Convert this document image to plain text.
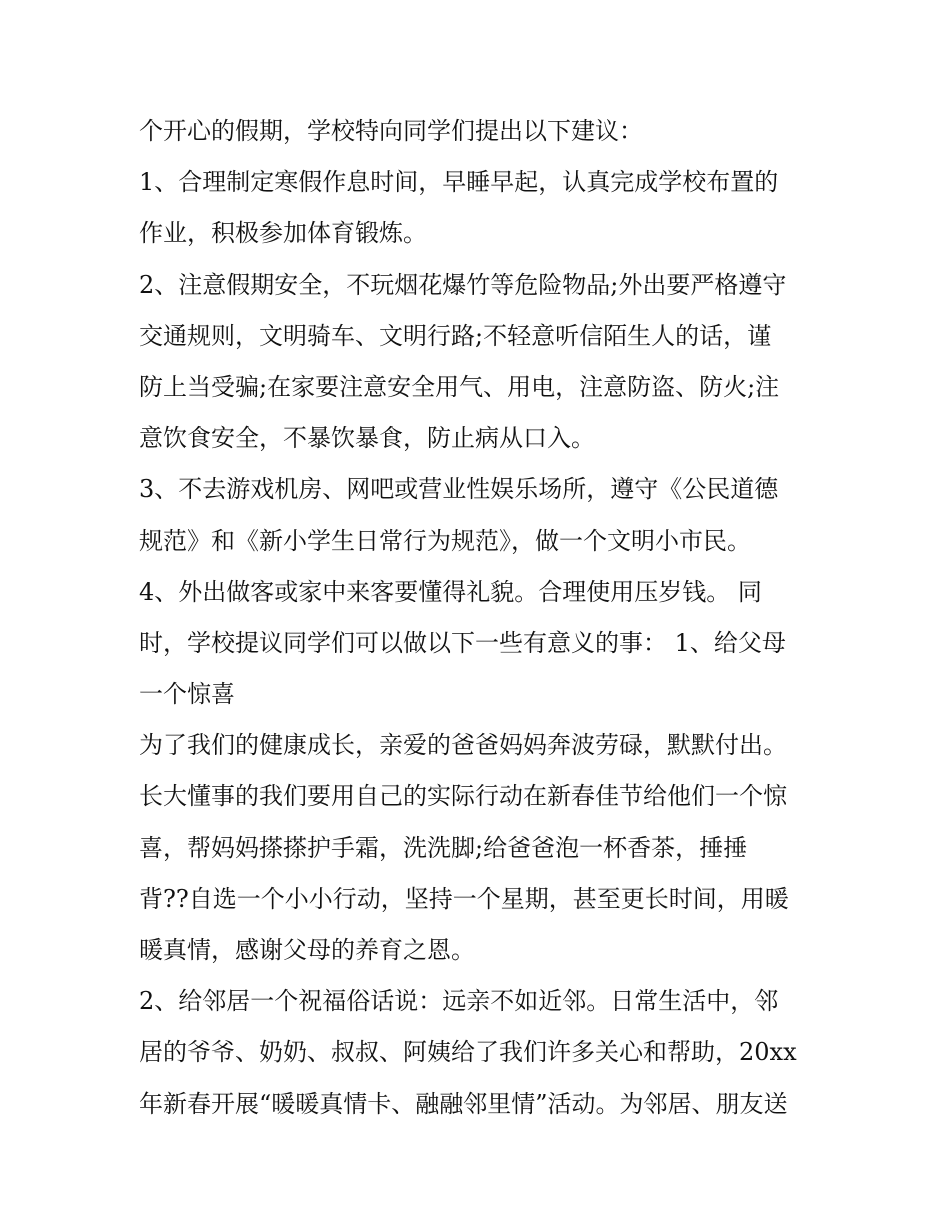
个开心的假期，学校特向同学们提出以下建议：
1、合理制定寒假作息时间，早睡早起，认真完成学校布置的
作业，积极参加体育锻炼。
2、注意假期安全，不玩烟花爆竹等危险物品;外出要严格遵守
交通规则，文明骑车、文明行路;不轻意听信陌生人的话，谨
防上当受骗;在家要注意安全用气、用电，注意防盗、防火;注
意饮食安全，不暴饮暴食，防止病从口入。
3、不去游戏机房、网吧或营业性娱乐场所，遵守《公民道德
规范》和《新小学生日常行为规范》，做一个文明小市民。
4、外出做客或家中来客要懂得礼貌。合理使用压岁钱。 同
时，学校提议同学们可以做以下一些有意义的事： 1、给父母
一个惊喜
为了我们的健康成长，亲爱的爸爸妈妈奔波劳碌，默默付出。
长大懂事的我们要用自己的实际行动在新春佳节给他们一个惊
喜，帮妈妈搽搽护手霜，洗洗脚;给爸爸泡一杯香茶，捶捶
背??自选一个小小行动，坚持一个星期，甚至更长时间，用暖
暖真情，感谢父母的养育之恩。
2、给邻居一个祝福俗话说：远亲不如近邻。日常生活中，邻
居的爷爷、奶奶、叔叔、阿姨给了我们许多关心和帮助，20xx
年新春开展“暖暖真情卡、融融邻里情”活动。为邻居、朋友送
